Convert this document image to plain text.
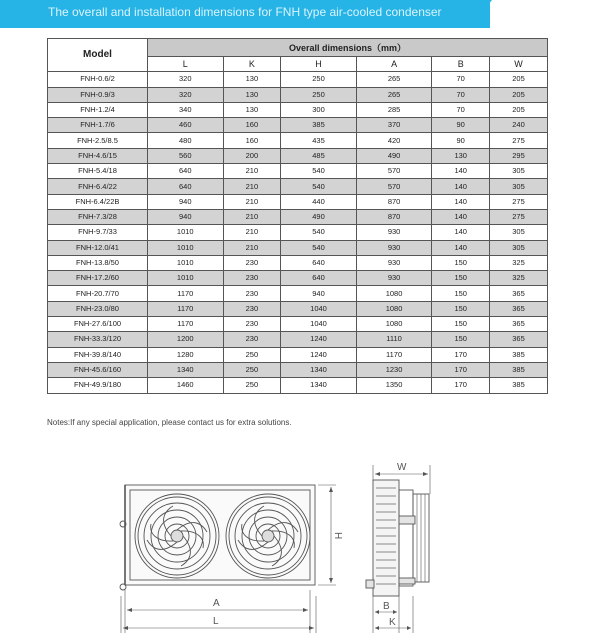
The overall and installation dimensions for FNH type air-cooled condenser
Model	Overall dimensions（mm）					
	L	K	H	A	B	W
FNH-0.6/2	320	130	250	265	70	205
FNH-0.9/3	320	130	250	265	70	205
FNH-1.2/4	340	130	300	285	70	205
FNH-1.7/6	460	160	385	370	90	240
FNH-2.5/8.5	480	160	435	420	90	275
FNH-4.6/15	560	200	485	490	130	295
FNH-5.4/18	640	210	540	570	140	305
FNH-6.4/22	640	210	540	570	140	305
FNH-6.4/22B	940	210	440	870	140	275
FNH-7.3/28	940	210	490	870	140	275
FNH-9.7/33	1010	210	540	930	140	305
FNH-12.0/41	1010	210	540	930	140	305
FNH-13.8/50	1010	230	640	930	150	325
FNH-17.2/60	1010	230	640	930	150	325
FNH-20.7/70	1170	230	940	1080	150	365
FNH-23.0/80	1170	230	1040	1080	150	365
FNH-27.6/100	1170	230	1040	1080	150	365
FNH-33.3/120	1200	230	1240	1110	150	365
FNH-39.8/140	1280	250	1240	1170	170	385
FNH-45.6/160	1340	250	1340	1230	170	385
FNH-49.9/180	1460	250	1340	1350	170	385
Notes:If any special application, please contact us for extra solutions.
A
L
H
W
B
K
